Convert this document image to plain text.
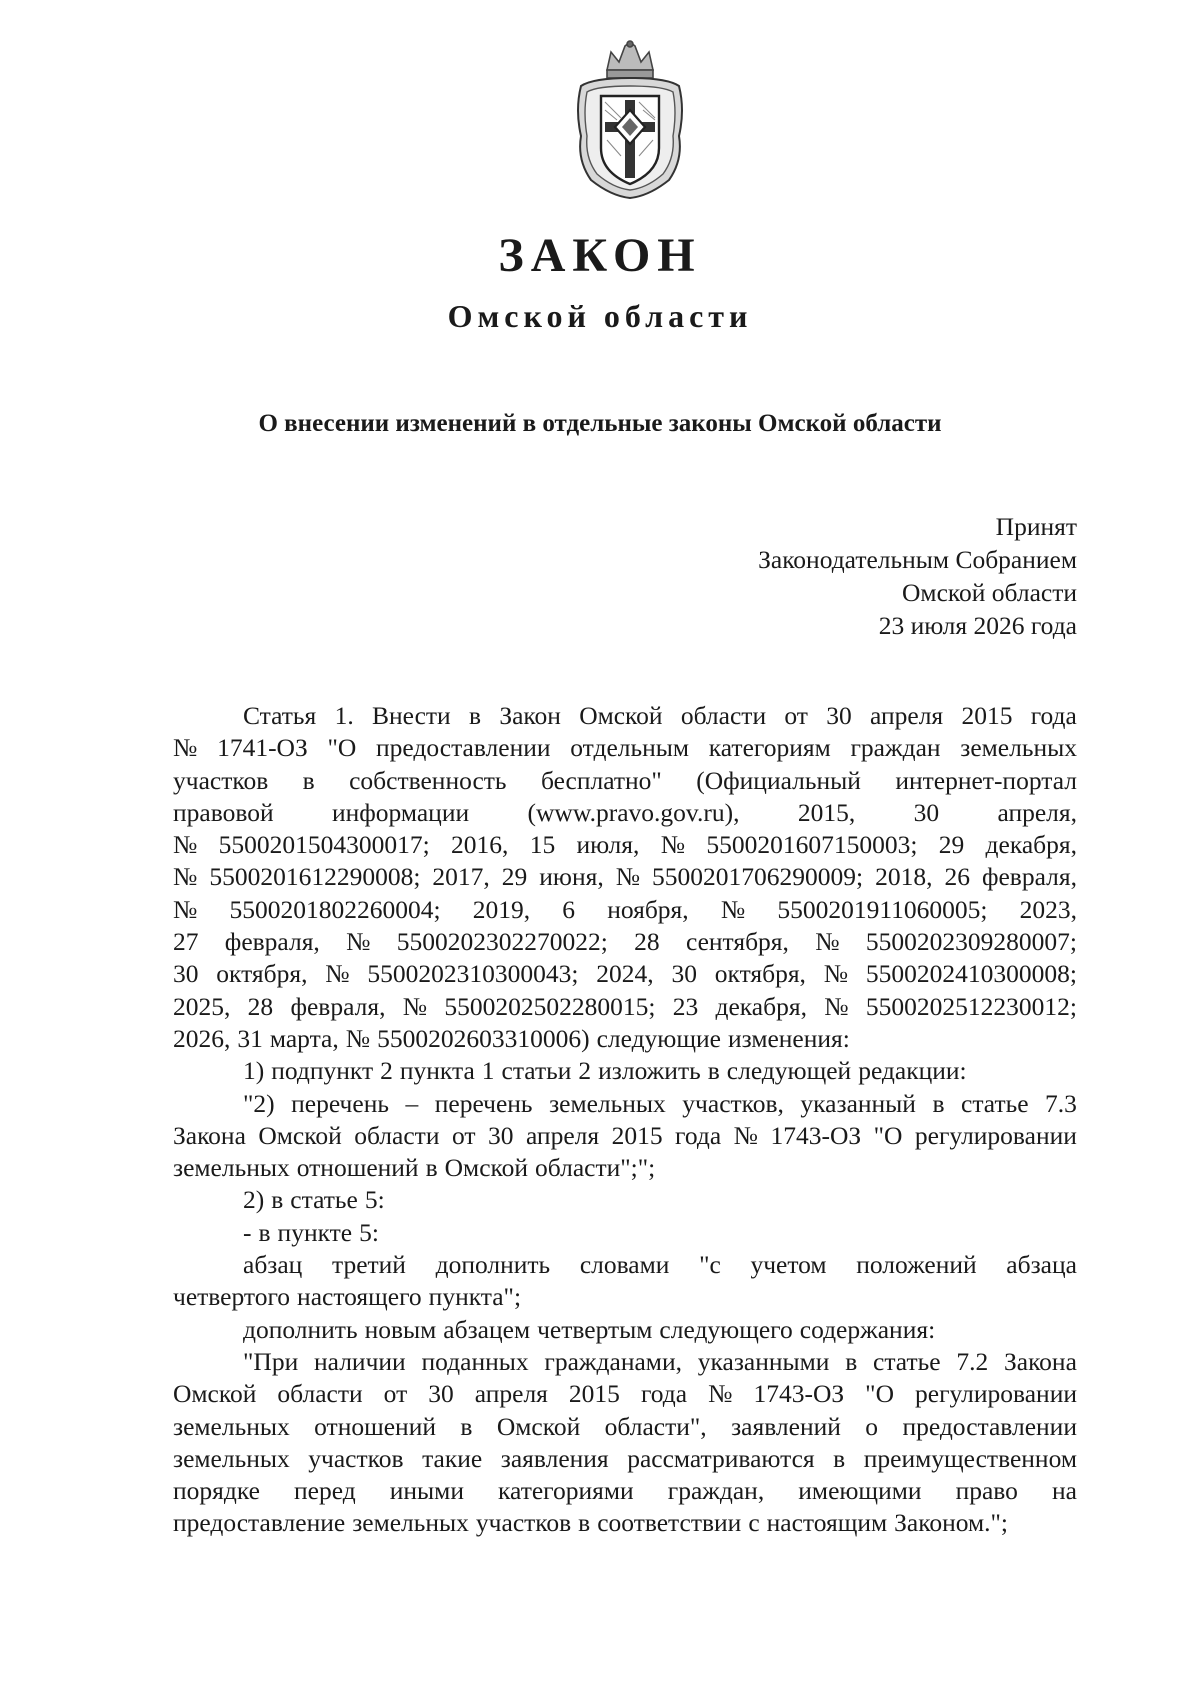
ЗАКОН
Омской области

О внесении изменений в отдельные законы Омской области

Принят
Законодательным Собранием
Омской области
23 июля 2026 года
Статья 1. Внести в Закон Омской области от 30 апреля 2015 года
№ 1741-ОЗ "О предоставлении отдельным категориям граждан земельных
участков в собственность бесплатно" (Официальный интернет-портал
правовой информации (www.pravo.gov.ru), 2015, 30 апреля,
№ 5500201504300017; 2016, 15 июля, № 5500201607150003; 29 декабря,
№ 5500201612290008; 2017, 29 июня, № 5500201706290009; 2018, 26 февраля,
№ 5500201802260004; 2019, 6 ноября, № 5500201911060005; 2023,
27 февраля, № 5500202302270022; 28 сентября, № 5500202309280007;
30 октября, № 5500202310300043; 2024, 30 октября, № 5500202410300008;
2025, 28 февраля, № 5500202502280015; 23 декабря, № 5500202512230012;
2026, 31 марта, № 5500202603310006) следующие изменения:
1) подпункт 2 пункта 1 статьи 2 изложить в следующей редакции:
"2) перечень – перечень земельных участков, указанный в статье 7.3
Закона Омской области от 30 апреля 2015 года № 1743-ОЗ "О регулировании
земельных отношений в Омской области";";
2) в статье 5:
- в пункте 5:
абзац третий дополнить словами "с учетом положений абзаца
четвертого настоящего пункта";
дополнить новым абзацем четвертым следующего содержания:
"При наличии поданных гражданами, указанными в статье 7.2 Закона
Омской области от 30 апреля 2015 года № 1743-ОЗ "О регулировании
земельных отношений в Омской области", заявлений о предоставлении
земельных участков такие заявления рассматриваются в преимущественном
порядке перед иными категориями граждан, имеющими право на
предоставление земельных участков в соответствии с настоящим Законом.";
